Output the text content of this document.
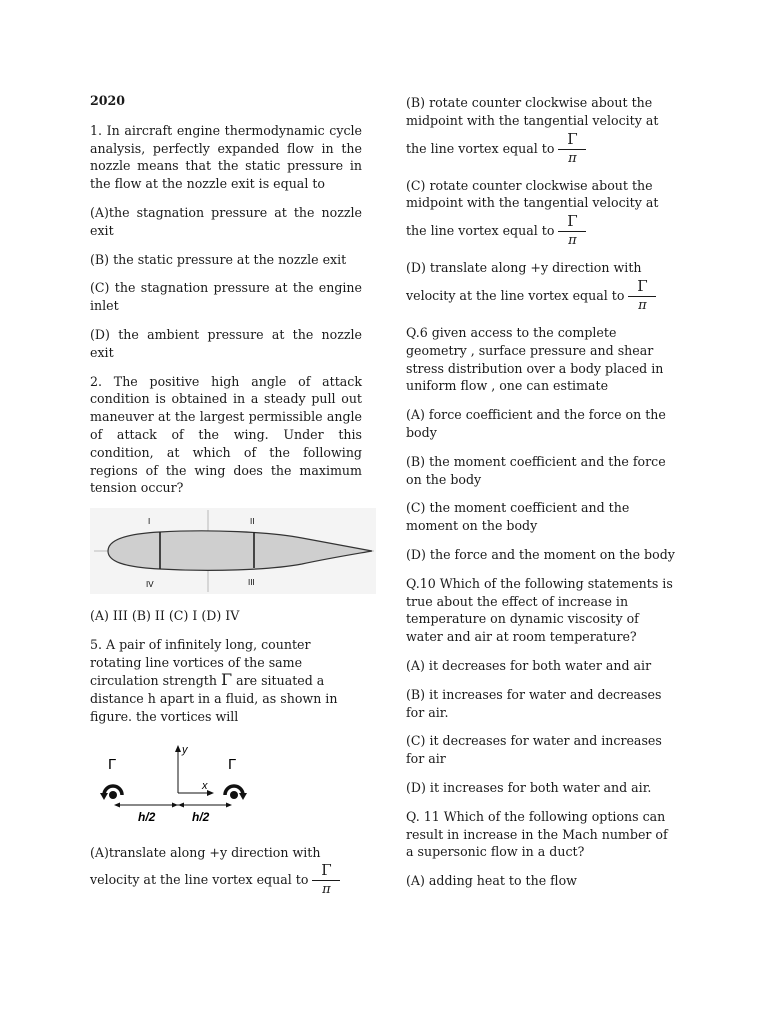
2020

1. In aircraft engine thermodynamic cycle analysis, perfectly expanded flow in the nozzle means that the static pressure in the flow at the nozzle exit is equal to

(A)the stagnation pressure at the nozzle exit

(B) the static pressure at the nozzle exit

(C) the stagnation pressure at the engine inlet

(D) the ambient pressure at the nozzle exit

2. The positive high angle of attack condition is obtained in a steady pull out maneuver at the largest permissible angle of attack of the wing. Under this condition, at which of the following regions of the wing does the maximum tension occur?

I	II
IV	III

(A) III (B) II (C) I (D) IV

5. A pair of infinitely long, counter rotating line vortices of the same circulation strength Γ are situated a distance h apart in a fluid, as shown in figure. the vortices will

Γ	Γ
y
x
h/2	h/2

(A)translate along +y direction with

velocity at the line vortex equal to $\frac{\Gamma}{\pi}$

(B) rotate counter clockwise about the midpoint with the tangential velocity at

the line vortex equal to $\frac{\Gamma}{\pi}$

(C) rotate counter clockwise about the midpoint with the tangential velocity at

the line vortex equal to $\frac{\Gamma}{\pi}$

(D) translate along +y direction with

velocity at the line vortex equal to $\frac{\Gamma}{\pi}$

Q.6 given access to the complete geometry , surface pressure and shear stress distribution over a body placed in uniform flow , one can estimate

(A) force coefficient and the force on the body

(B) the moment coefficient and the force on the body

(C) the moment coefficient and the moment on the body

(D) the force and the moment on the body

Q.10 Which of the following statements is true about the effect of increase in temperature on dynamic viscosity of water and air at room temperature?

(A) it decreases for both water and air

(B) it increases for water and decreases for air.

(C) it decreases for water and increases for air

(D) it increases for both water and air.

Q. 11 Which of the following options can result in increase in the Mach number of a supersonic flow in a duct?

(A) adding heat to the flow
